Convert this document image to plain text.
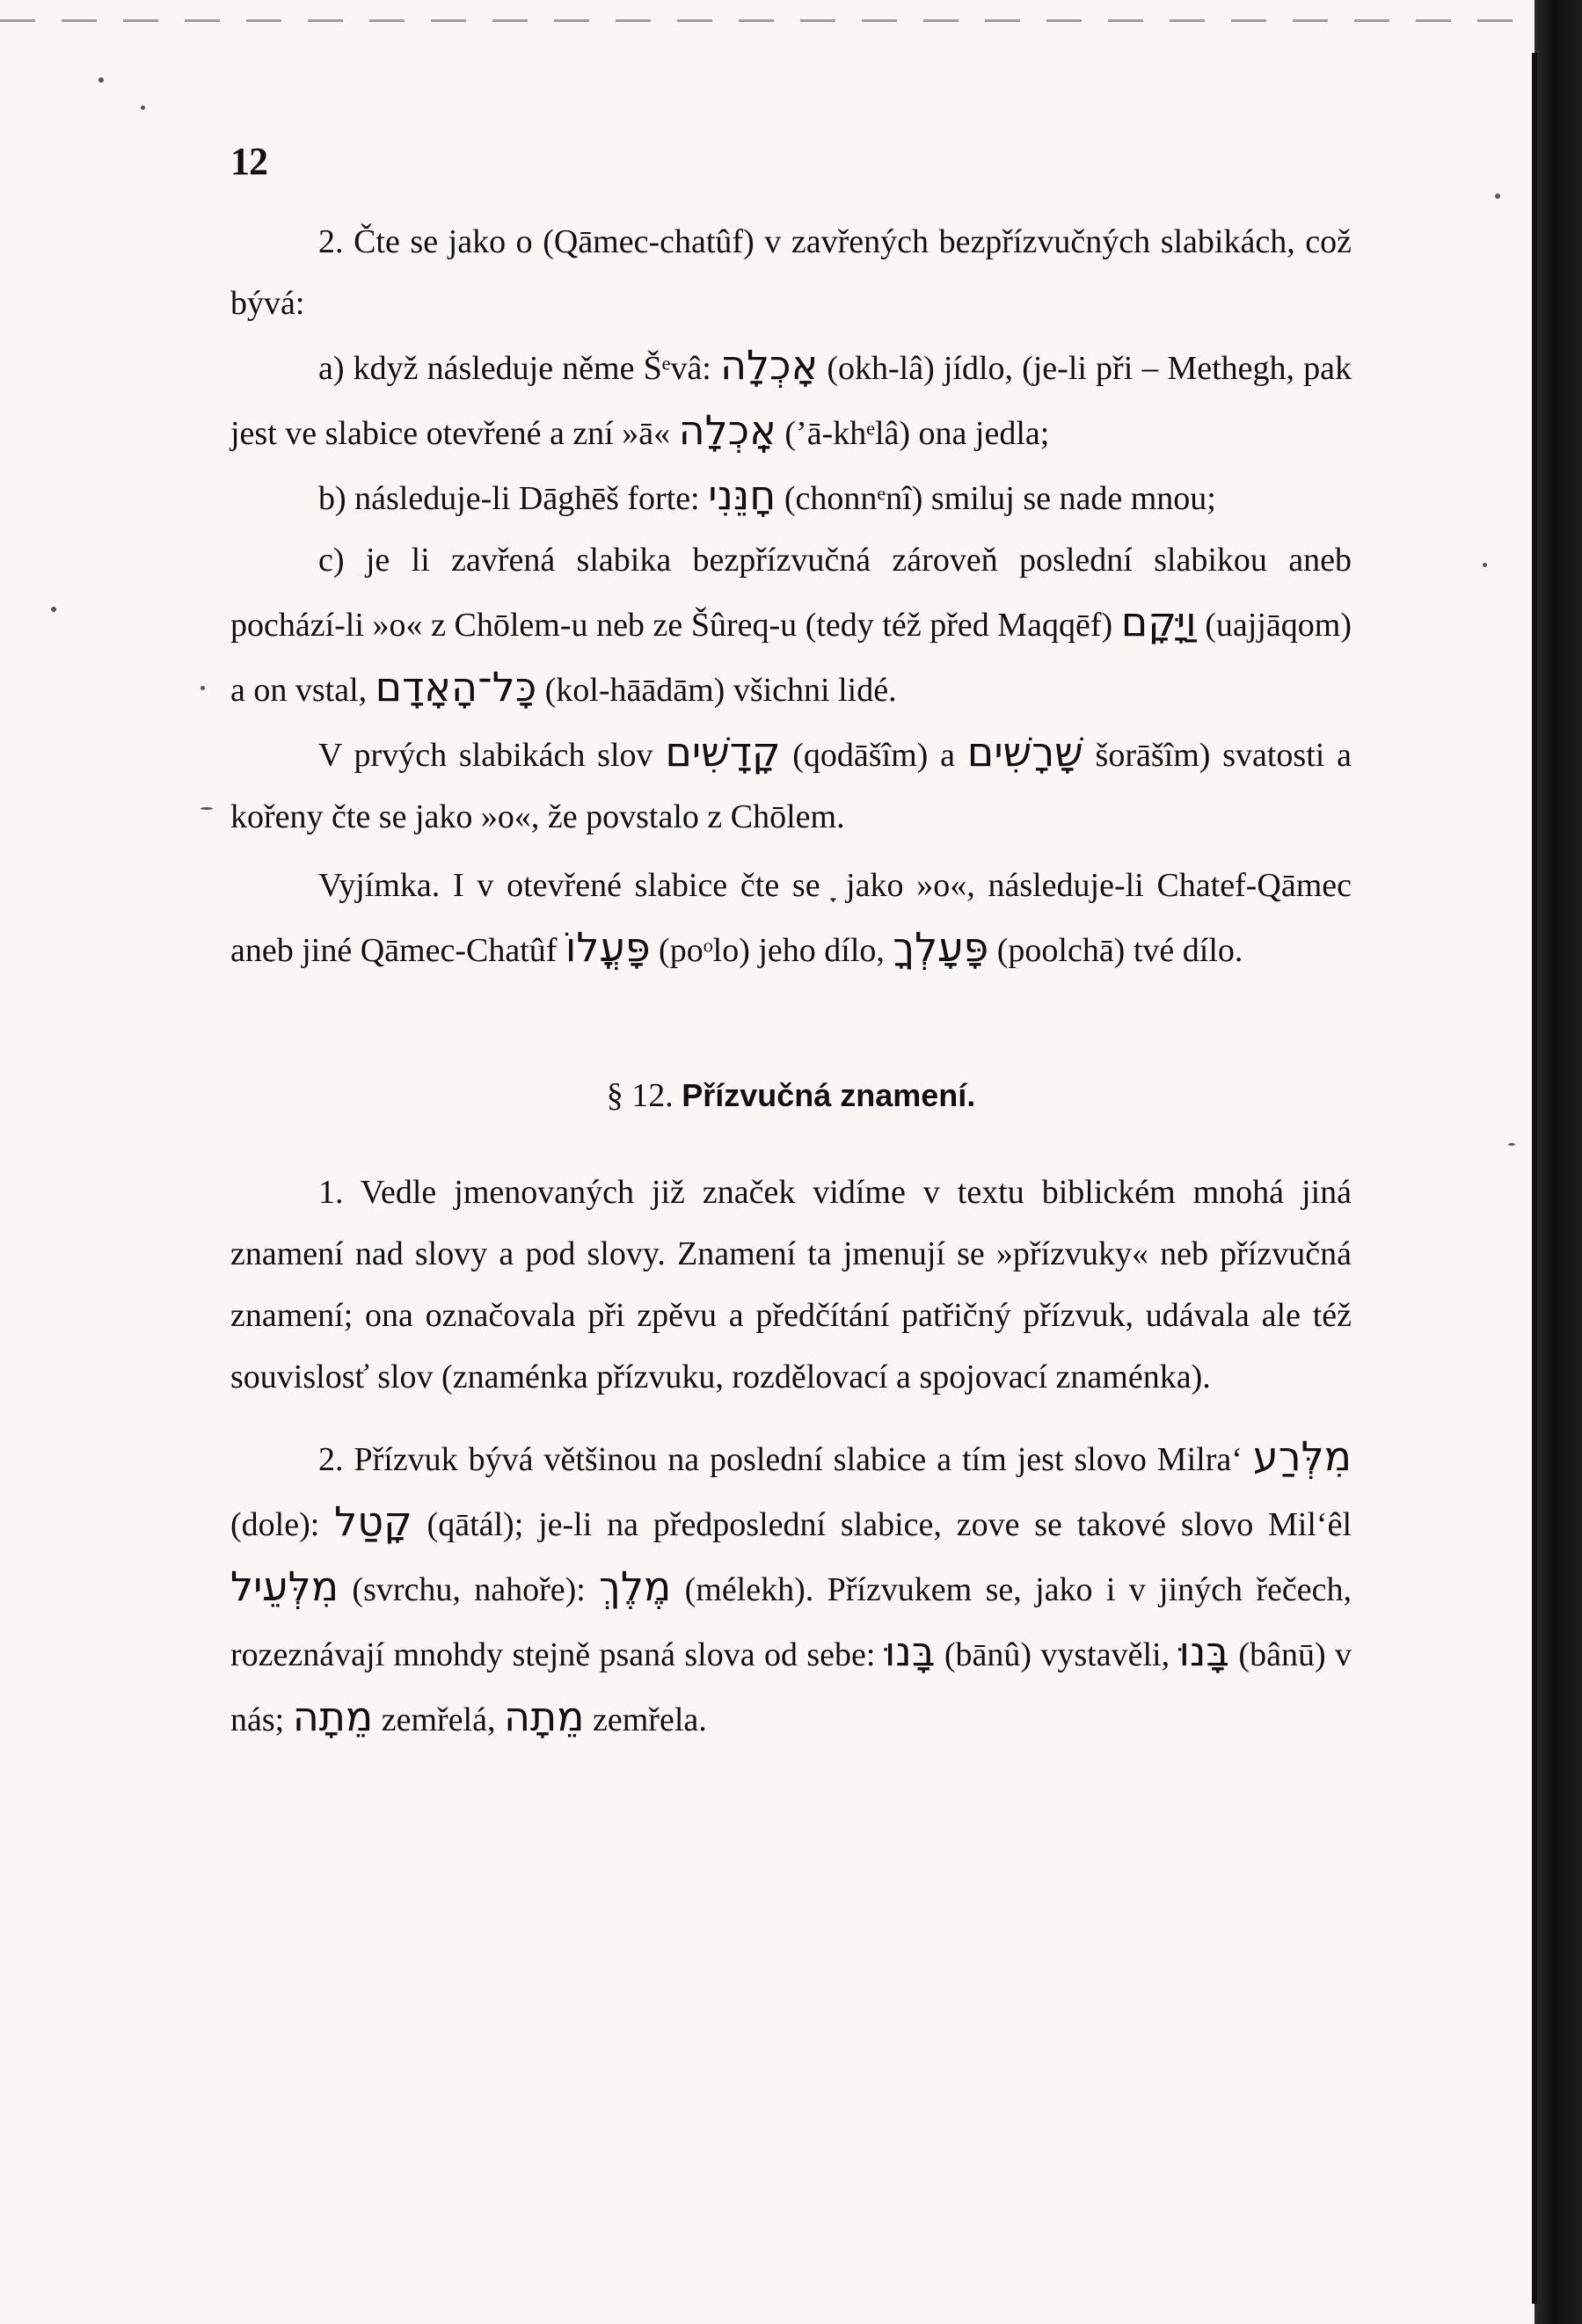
12

2. Čte se jako o (Qāmec-chatûf) v zavřených bezpřízvučných slabikách, což bývá:

a) když následuje něme Šᵉvâ: אָכְלָה (okh-lâ) jídlo, (je-li při ⎯ Methegh, pak jest ve slabice otevřené a zní »ā« אָֽכְלָה (’ā-khᵉlâ) ona jedla;

b) následuje-li Dāghēš forte: חָנֵּנִי (chonnᵉnî) smiluj se nade mnou;

c) je li zavřená slabika bezpřízvučná zároveň poslední slabikou aneb pochází-li »o« z Chōlem-u neb ze Šûreq-u (tedy též před Maqqēf) וַיָּקָם (uajjāqom) a on vstal, כָּל־הָאָדָם (kol-hāādām) všichni lidé.

V prvých slabikách slov קָדָשִׁים (qodāšîm) a שָׁרָשִׁים šorāšîm) svatosti a kořeny čte se jako »o«, že povstalo z Chōlem.

Vyjímka. I v otevřené slabice čte se ָ jako »o«, následuje-li Chatef-Qāmec aneb jiné Qāmec-Chatûf פָּעֳלוֹ (poᵒlo) jeho dílo, פָּעָלְךָ (poolchā) tvé dílo.

§ 12. Přízvučná znamení.

1. Vedle jmenovaných již značek vidíme v textu biblickém mnohá jiná znamení nad slovy a pod slovy. Znamení ta jmenují se »přízvuky« neb přízvučná znamení; ona označovala při zpěvu a předčítání patřičný přízvuk, udávala ale též souvislosť slov (znaménka přízvuku, rozdělovací a spojovací znaménka).

2. Přízvuk bývá většinou na poslední slabice a tím jest slovo Milra‘ מִלְּרַע (dole): קָטַל (qātál); je-li na předposlední slabice, zove se takové slovo Mil‘êl מִלְּעֵיל (svrchu, nahoře): מֶלֶךְ (mélekh). Přízvukem se, jako i v jiných řečech, rozeznávají mnohdy stejně psaná slova od sebe: בָּנוּ (bānû) vystavěli, בָּנוּ (bânū) v nás; מֵתָה zemřelá, מֵתָה zemřela.
